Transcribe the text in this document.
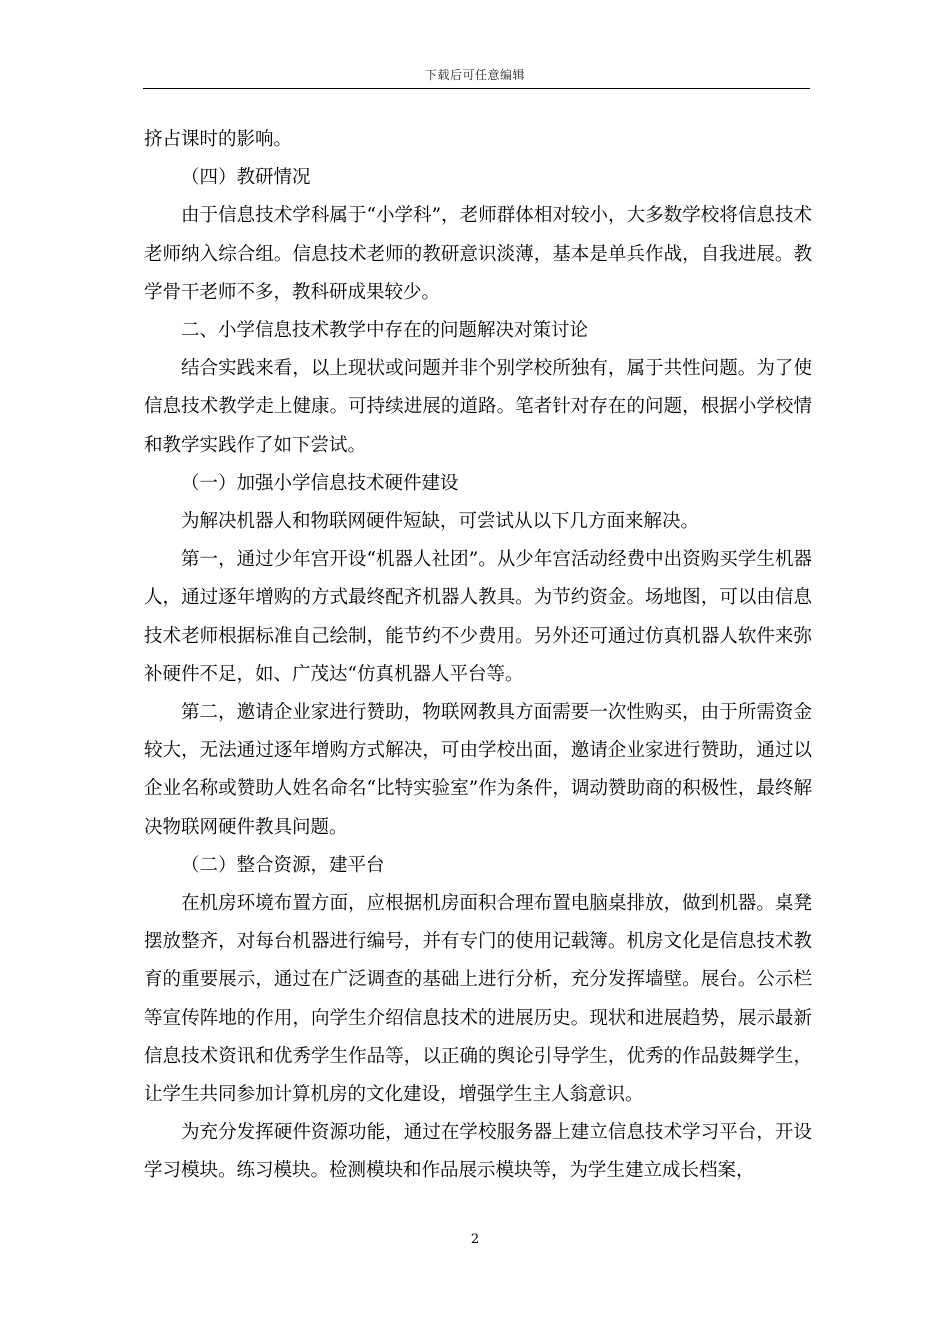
下载后可任意编辑

挤占课时的影响。

（四）教研情况

由于信息技术学科属于“小学科”，老师群体相对较小，大多数学校将信息技术老师纳入综合组。信息技术老师的教研意识淡薄，基本是单兵作战，自我进展。教学骨干老师不多，教科研成果较少。

二、小学信息技术教学中存在的问题解决对策讨论

结合实践来看，以上现状或问题并非个别学校所独有，属于共性问题。为了使信息技术教学走上健康。可持续进展的道路。笔者针对存在的问题，根据小学校情和教学实践作了如下尝试。

（一）加强小学信息技术硬件建设

为解决机器人和物联网硬件短缺，可尝试从以下几方面来解决。

第一，通过少年宫开设“机器人社团”。从少年宫活动经费中出资购买学生机器人，通过逐年增购的方式最终配齐机器人教具。为节约资金。场地图，可以由信息技术老师根据标准自己绘制，能节约不少费用。另外还可通过仿真机器人软件来弥补硬件不足，如、广茂达“仿真机器人平台等。

第二，邀请企业家进行赞助，物联网教具方面需要一次性购买，由于所需资金较大，无法通过逐年增购方式解决，可由学校出面，邀请企业家进行赞助，通过以企业名称或赞助人姓名命名“比特实验室”作为条件，调动赞助商的积极性，最终解决物联网硬件教具问题。

（二）整合资源，建平台

在机房环境布置方面，应根据机房面积合理布置电脑桌排放，做到机器。桌凳摆放整齐，对每台机器进行编号，并有专门的使用记载簿。机房文化是信息技术教育的重要展示，通过在广泛调查的基础上进行分析，充分发挥墙壁。展台。公示栏等宣传阵地的作用，向学生介绍信息技术的进展历史。现状和进展趋势，展示最新信息技术资讯和优秀学生作品等，以正确的舆论引导学生，优秀的作品鼓舞学生，让学生共同参加计算机房的文化建设，增强学生主人翁意识。

为充分发挥硬件资源功能，通过在学校服务器上建立信息技术学习平台，开设学习模块。练习模块。检测模块和作品展示模块等，为学生建立成长档案，

2
